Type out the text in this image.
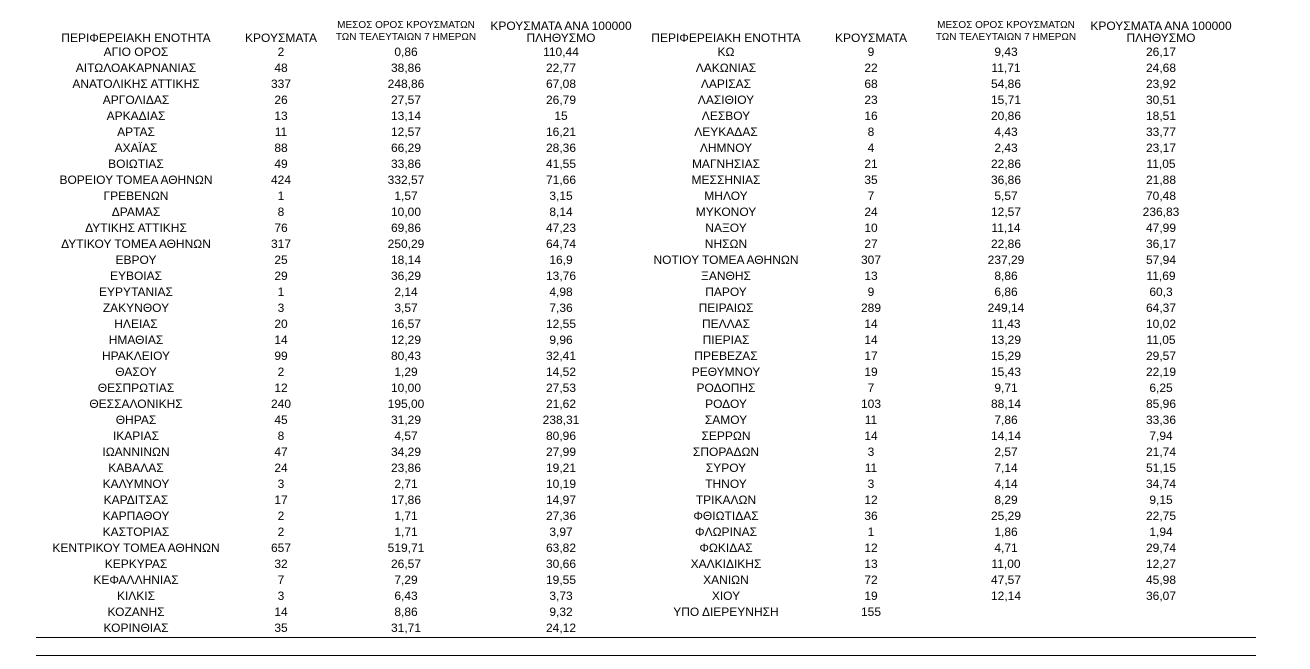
ΠΕΡΙΦΕΡΕΙΑΚΗ ΕΝΟΤΗΤΑ	ΚΡΟΥΣΜΑΤΑ	ΜΕΣΟΣ ΟΡΟΣ ΚΡΟΥΣΜΑΤΩΝ
ΤΩΝ ΤΕΛΕΥΤΑΙΩΝ 7 ΗΜΕΡΩΝ	ΚΡΟΥΣΜΑΤΑ ΑΝΑ 100000
ΠΛΗΘΥΣΜΟ
ΑΓΙΟ ΟΡΟΣ	2	0,86	110,44
ΑΙΤΩΛΟΑΚΑΡΝΑΝΙΑΣ	48	38,86	22,77
ΑΝΑΤΟΛΙΚΗΣ ΑΤΤΙΚΗΣ	337	248,86	67,08
ΑΡΓΟΛΙΔΑΣ	26	27,57	26,79
ΑΡΚΑΔΙΑΣ	13	13,14	15
ΑΡΤΑΣ	11	12,57	16,21
ΑΧΑΪΑΣ	88	66,29	28,36
ΒΟΙΩΤΙΑΣ	49	33,86	41,55
ΒΟΡΕΙΟΥ ΤΟΜΕΑ ΑΘΗΝΩΝ	424	332,57	71,66
ΓΡΕΒΕΝΩΝ	1	1,57	3,15
ΔΡΑΜΑΣ	8	10,00	8,14
ΔΥΤΙΚΗΣ ΑΤΤΙΚΗΣ	76	69,86	47,23
ΔΥΤΙΚΟΥ ΤΟΜΕΑ ΑΘΗΝΩΝ	317	250,29	64,74
ΕΒΡΟΥ	25	18,14	16,9
ΕΥΒΟΙΑΣ	29	36,29	13,76
ΕΥΡΥΤΑΝΙΑΣ	1	2,14	4,98
ΖΑΚΥΝΘΟΥ	3	3,57	7,36
ΗΛΕΙΑΣ	20	16,57	12,55
ΗΜΑΘΙΑΣ	14	12,29	9,96
ΗΡΑΚΛΕΙΟΥ	99	80,43	32,41
ΘΑΣΟΥ	2	1,29	14,52
ΘΕΣΠΡΩΤΙΑΣ	12	10,00	27,53
ΘΕΣΣΑΛΟΝΙΚΗΣ	240	195,00	21,62
ΘΗΡΑΣ	45	31,29	238,31
ΙΚΑΡΙΑΣ	8	4,57	80,96
ΙΩΑΝΝΙΝΩΝ	47	34,29	27,99
ΚΑΒΑΛΑΣ	24	23,86	19,21
ΚΑΛΥΜΝΟΥ	3	2,71	10,19
ΚΑΡΔΙΤΣΑΣ	17	17,86	14,97
ΚΑΡΠΑΘΟΥ	2	1,71	27,36
ΚΑΣΤΟΡΙΑΣ	2	1,71	3,97
ΚΕΝΤΡΙΚΟΥ ΤΟΜΕΑ ΑΘΗΝΩΝ	657	519,71	63,82
ΚΕΡΚΥΡΑΣ	32	26,57	30,66
ΚΕΦΑΛΛΗΝΙΑΣ	7	7,29	19,55
ΚΙΛΚΙΣ	3	6,43	3,73
ΚΟΖΑΝΗΣ	14	8,86	9,32
ΚΟΡΙΝΘΙΑΣ	35	31,71	24,12
ΠΕΡΙΦΕΡΕΙΑΚΗ ΕΝΟΤΗΤΑ	ΚΡΟΥΣΜΑΤΑ	ΜΕΣΟΣ ΟΡΟΣ ΚΡΟΥΣΜΑΤΩΝ
ΤΩΝ ΤΕΛΕΥΤΑΙΩΝ 7 ΗΜΕΡΩΝ	ΚΡΟΥΣΜΑΤΑ ΑΝΑ 100000
ΠΛΗΘΥΣΜΟ
ΚΩ	9	9,43	26,17
ΛΑΚΩΝΙΑΣ	22	11,71	24,68
ΛΑΡΙΣΑΣ	68	54,86	23,92
ΛΑΣΙΘΙΟΥ	23	15,71	30,51
ΛΕΣΒΟΥ	16	20,86	18,51
ΛΕΥΚΑΔΑΣ	8	4,43	33,77
ΛΗΜΝΟΥ	4	2,43	23,17
ΜΑΓΝΗΣΙΑΣ	21	22,86	11,05
ΜΕΣΣΗΝΙΑΣ	35	36,86	21,88
ΜΗΛΟΥ	7	5,57	70,48
ΜΥΚΟΝΟΥ	24	12,57	236,83
ΝΑΞΟΥ	10	11,14	47,99
ΝΗΣΩΝ	27	22,86	36,17
ΝΟΤΙΟΥ ΤΟΜΕΑ ΑΘΗΝΩΝ	307	237,29	57,94
ΞΑΝΘΗΣ	13	8,86	11,69
ΠΑΡΟΥ	9	6,86	60,3
ΠΕΙΡΑΙΩΣ	289	249,14	64,37
ΠΕΛΛΑΣ	14	11,43	10,02
ΠΙΕΡΙΑΣ	14	13,29	11,05
ΠΡΕΒΕΖΑΣ	17	15,29	29,57
ΡΕΘΥΜΝΟΥ	19	15,43	22,19
ΡΟΔΟΠΗΣ	7	9,71	6,25
ΡΟΔΟΥ	103	88,14	85,96
ΣΑΜΟΥ	11	7,86	33,36
ΣΕΡΡΩΝ	14	14,14	7,94
ΣΠΟΡΑΔΩΝ	3	2,57	21,74
ΣΥΡΟΥ	11	7,14	51,15
ΤΗΝΟΥ	3	4,14	34,74
ΤΡΙΚΑΛΩΝ	12	8,29	9,15
ΦΘΙΩΤΙΔΑΣ	36	25,29	22,75
ΦΛΩΡΙΝΑΣ	1	1,86	1,94
ΦΩΚΙΔΑΣ	12	4,71	29,74
ΧΑΛΚΙΔΙΚΗΣ	13	11,00	12,27
ΧΑΝΙΩΝ	72	47,57	45,98
ΧΙΟΥ	19	12,14	36,07
ΥΠΟ ΔΙΕΡΕΥΝΗΣΗ	155		
